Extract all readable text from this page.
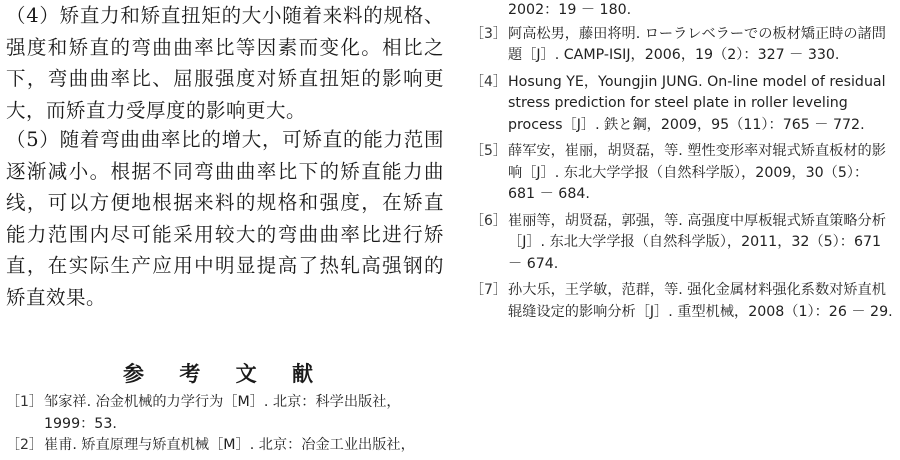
（4）矫直力和矫直扭矩的大小随着来料的规格、强度和矫直的弯曲曲率比等因素而变化。相比之下，弯曲曲率比、屈服强度对矫直扭矩的影响更大，而矫直力受厚度的影响更大。

（5）随着弯曲曲率比的增大，可矫直的能力范围逐渐减小。根据不同弯曲曲率比下的矫直能力曲线，可以方便地根据来料的规格和强度，在矫直能力范围内尽可能采用较大的弯曲曲率比进行矫直，在实际生产应用中明显提高了热轧高强钢的矫直效果。

参 考 文 献
［1］ 邹家祥. 冶金机械的力学行为［M］. 北京：科学出版社，1999：53.
［2］ 崔甫. 矫直原理与矫直机械［M］. 北京：冶金工业出版社，
2002：19 － 180.
［3］ 阿高松男，藤田将明. ローラレベラーでの板材矯正時の諸問題［J］. CAMP-ISIJ，2006，19（2）：327 － 330.
［4］ Hosung YE，Youngjin JUNG. On-line model of residual stress prediction for steel plate in roller leveling process［J］. 鉄と鋼，2009，95（11）：765 － 772.
［5］ 薛军安，崔丽，胡贤磊，等. 塑性变形率对辊式矫直板材的影响［J］. 东北大学学报（自然科学版），2009，30（5）：681 － 684.
［6］ 崔丽等，胡贤磊，郭强，等. 高强度中厚板辊式矫直策略分析［J］. 东北大学学报（自然科学版），2011，32（5）：671 － 674.
［7］ 孙大乐，王学敏，范群，等. 强化金属材料强化系数对矫直机辊缝设定的影响分析［J］. 重型机械，2008（1）：26 － 29.
